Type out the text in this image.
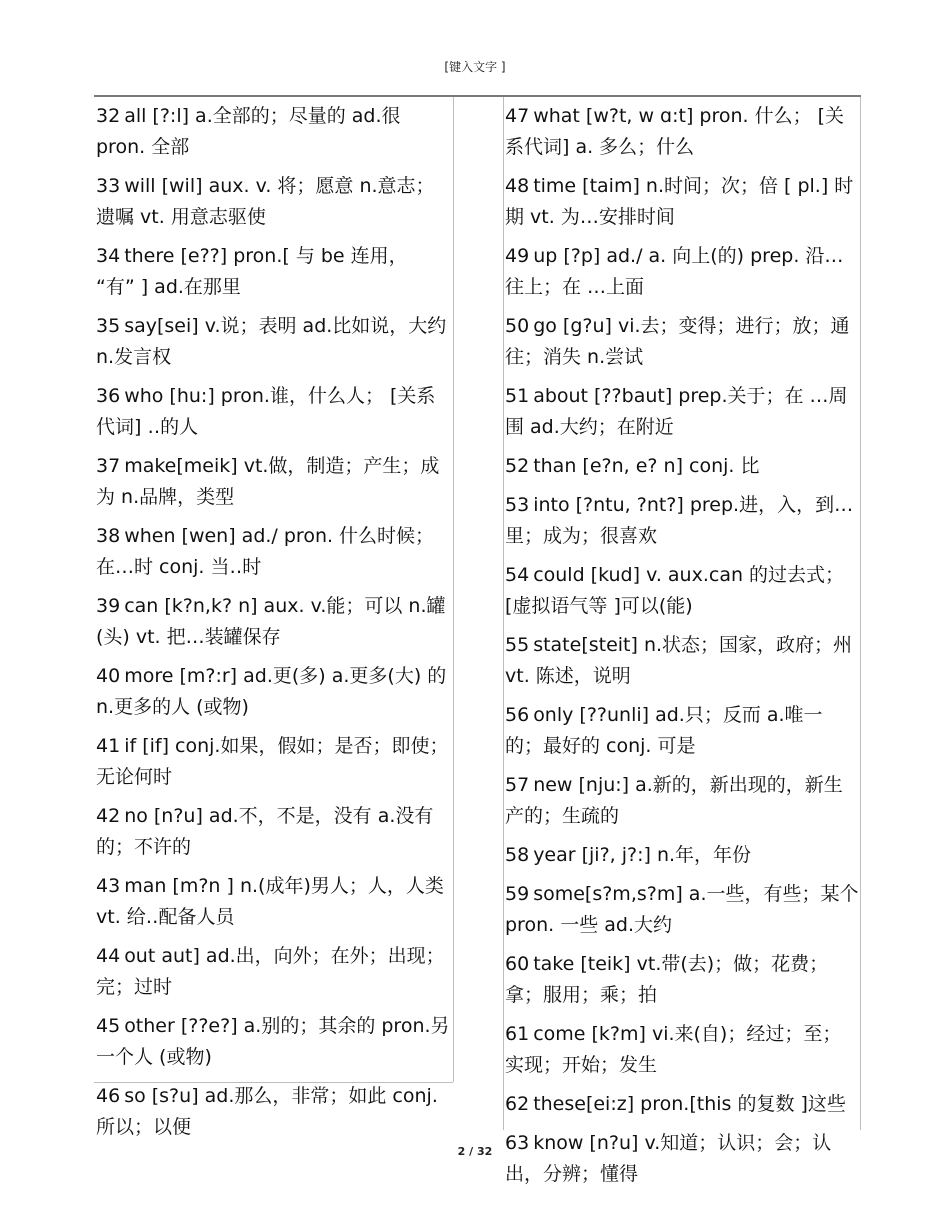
[键入文字 ]
32 all [?:l] a.全部的；尽量的 ad.很 pron. 全部
33 will [wil] aux. v. 将；愿意 n.意志；遗嘱 vt. 用意志驱使
34 there [e??] pron.[ 与 be 连用， “有” ] ad.在那里
35 say[sei] v.说；表明 ad.比如说，大约 n.发言权
36 who [hu:] pron.谁，什么人； [关系代词] ‥的人
37 make[meik] vt.做，制造；产生；成为 n.品牌，类型
38 when [wen] ad./ pron. 什么时候；在…时 conj. 当‥时
39 can [k?n,k? n] aux. v.能；可以 n.罐(头) vt. 把…装罐保存
40 more [m?:r] ad.更(多) a.更多(大) 的 n.更多的人 (或物)
41 if [if] conj.如果，假如；是否；即使；无论何时
42 no [n?u] ad.不，不是，没有 a.没有的；不许的
43 man [m?n ] n.(成年)男人；人，人类 vt. 给‥配备人员
44 out aut] ad.出，向外；在外；出现；完；过时
45 other [??e?] a.别的；其余的 pron.另一个人 (或物)
46 so [s?u] ad.那么，非常；如此 conj. 所以；以便
47 what [w?t, w ɑ:t] pron. 什么； [关系代词] a. 多么；什么
48 time [taim] n.时间；次；倍 [ pl.] 时期 vt. 为…安排时间
49 up [?p] ad./ a. 向上(的) prep. 沿…往上；在 …上面
50 go [g?u] vi.去；变得；进行；放；通往；消失 n.尝试
51 about [??baut] prep.关于；在 …周围 ad.大约；在附近
52 than [e?n, e? n] conj. 比
53 into [?ntu, ?nt?] prep.进，入，到…里；成为；很喜欢
54 could [kud] v. aux.can 的过去式；[虚拟语气等 ]可以(能)
55 state[steit] n.状态；国家，政府；州 vt. 陈述，说明
56 only [??unli] ad.只；反而 a.唯一的；最好的 conj. 可是
57 new [nju:] a.新的，新出现的，新生产的；生疏的
58 year [ji?, j?:] n.年，年份
59 some[s?m,s?m] a.一些，有些；某个 pron. 一些 ad.大约
60 take [teik] vt.带(去)；做；花费；拿；服用；乘；拍
61 come [k?m] vi.来(自)；经过；至；实现；开始；发生
62 these[ei:z] pron.[this 的复数 ]这些
63 know [n?u] v.知道；认识；会；认出，分辨；懂得
2 / 32
